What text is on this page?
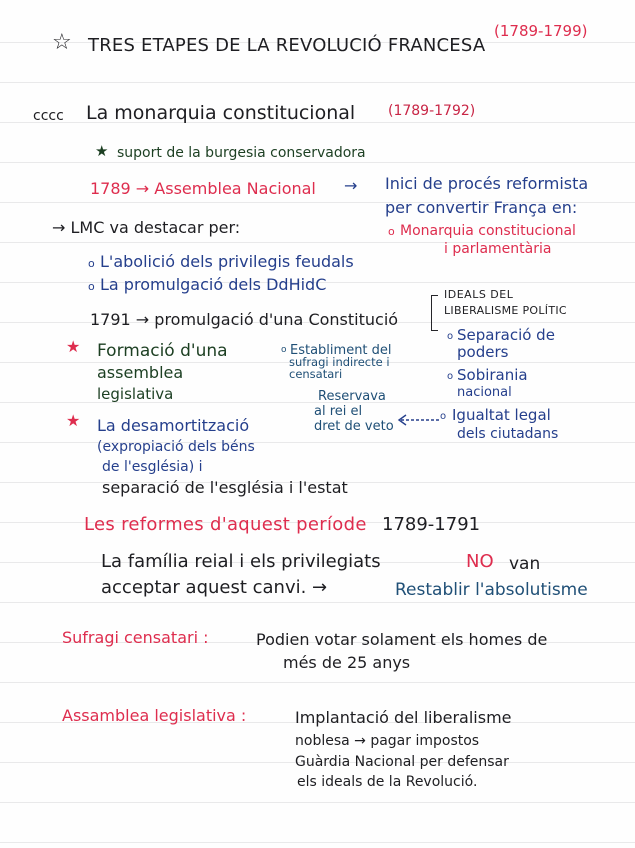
☆ TRES ETAPES DE LA REVOLUCIÓ FRANCESA
(1789-1799)
cccc La monarquia constitucional (1789-1792)
★ suport de la burgesia conservadora
1789 → Assemblea Nacional → Inici de procés reformista
per convertir França en:
→ LMC va destacar per:	o Monarquia constitucional
i parlamentària
o L'abolició dels privilegis feudals
o La promulgació dels DdHidC
1791 → promulgació d'una Constitució
IDEALS DEL
LIBERALISME POLÍTIC
o Separació de
poders
o Sobirania
nacional
o Igualtat legal
dels ciutadans
★ Formació d'una
assemblea
legislativa
o Establiment del
sufragi indirecte i
censatari
Reservava
al rei el
dret de veto
★ La desamortització
(expropiació dels béns
de l'església) i
separació de l'església i l'estat
Les reformes d'aquest període 1789-1791
La família reial i els privilegiats	NO van
acceptar aquest canvi. →	Restablir l'absolutisme
Sufragi censatari :	Podien votar solament els homes de
més de 25 anys
Assamblea legislativa :	Implantació del liberalisme
noblesa → pagar impostos
Guàrdia Nacional per defensar
els ideals de la Revolució.
